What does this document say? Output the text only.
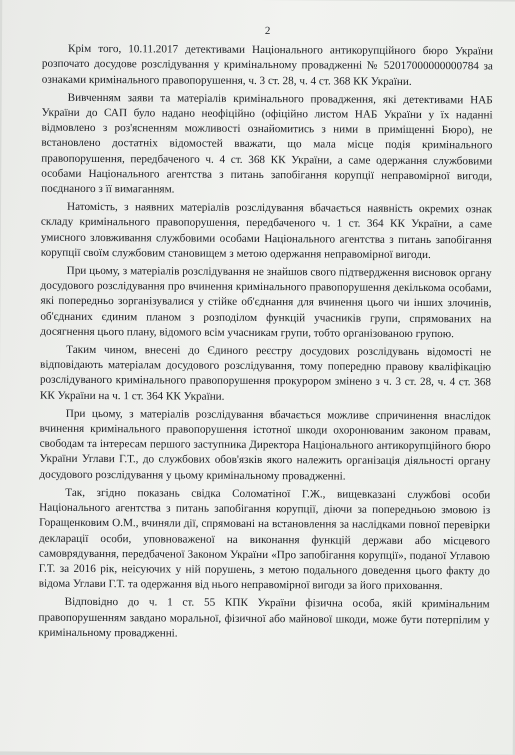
2

Крім того, 10.11.2017 детективами Національного антикорупційного бюро України розпочато досудове розслідування у кримінальному провадженні № 52017000000000784 за ознаками кримінального правопорушення, ч. 3 ст. 28, ч. 4 ст. 368 КК України.

Вивченням заяви та матеріалів кримінального провадження, які детективами НАБ України до САП було надано неофіційно (офіційно листом НАБ України у їх наданні відмовлено з роз'ясненням можливості ознайомитись з ними в приміщенні Бюро), не встановлено достатніх відомостей вважати, що мала місце подія кримінального правопорушення, передбаченого ч. 4 ст. 368 КК України, а саме одержання службовими особами Національного агентства з питань запобігання корупції неправомірної вигоди, поєднаного з її вимаганням.

Натомість, з наявних матеріалів розслідування вбачається наявність окремих ознак складу кримінального правопорушення, передбаченого ч. 1 ст. 364 КК України, а саме умисного зловживання службовими особами Національного агентства з питань запобігання корупції своїм службовим становищем з метою одержання неправомірної вигоди.

При цьому, з матеріалів розслідування не знайшов свого підтвердження висновок органу досудового розслідування про вчинення кримінального правопорушення декількома особами, які попередньо зорганізувалися у стійке об'єднання для вчинення цього чи інших злочинів, об'єднаних єдиним планом з розподілом функцій учасників групи, спрямованих на досягнення цього плану, відомого всім учасникам групи, тобто організованою групою.

Таким чином, внесені до Єдиного реєстру досудових розслідувань відомості не відповідають матеріалам досудового розслідування, тому попередню правову кваліфікацію розслідуваного кримінального правопорушення прокурором змінено з ч. 3 ст. 28, ч. 4 ст. 368 КК України на ч. 1 ст. 364 КК України.

При цьому, з матеріалів розслідування вбачається можливе спричинення внаслідок вчинення кримінального правопорушення істотної шкоди охоронюваним законом правам, свободам та інтересам першого заступника Директора Національного антикорупційного бюро України Углави Г.Т., до службових обов'язків якого належить організація діяльності органу досудового розслідування у цьому кримінальному провадженні.

Так, згідно показань свідка Соломатіної Г.Ж., вищевказані службові особи Національного агентства з питань запобігання корупції, діючи за попередньою змовою із Горащенковим О.М., вчиняли дії, спрямовані на встановлення за наслідками повної перевірки декларації особи, уповноваженої на виконання функцій держави або місцевого самоврядування, передбаченої Законом України «Про запобігання корупції», поданої Углавою Г.Т. за 2016 рік, неісуючих у ній порушень, з метою подального доведення цього факту до відома Углави Г.Т. та одержання від нього неправомірної вигоди за його приховання.

Відповідно до ч. 1 ст. 55 КПК України фізична особа, якій кримінальним правопорушенням завдано моральної, фізичної або майнової шкоди, може бути потерпілим у кримінальному провадженні.
